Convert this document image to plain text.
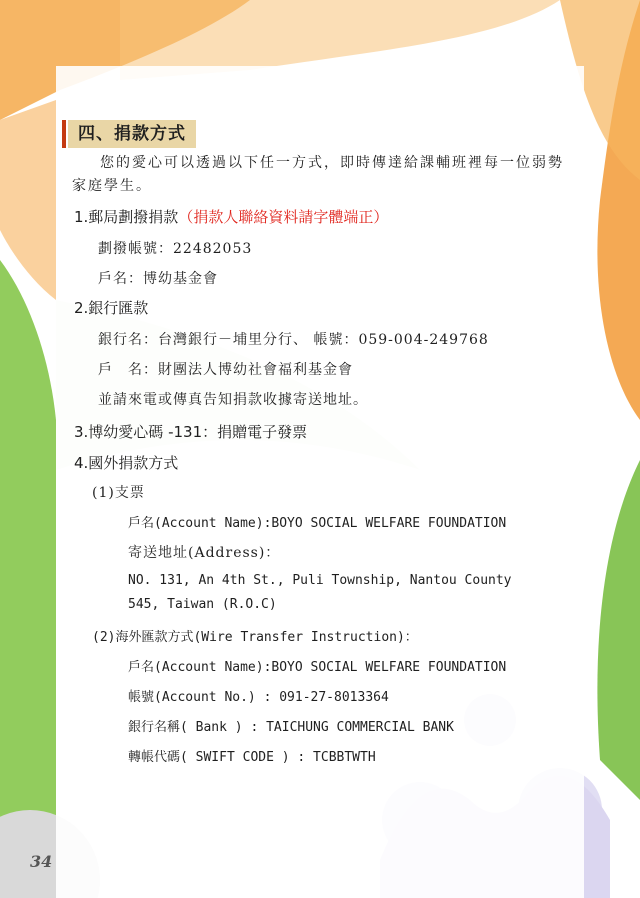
四、捐款方式
您的愛心可以透過以下任一方式，即時傳達給課輔班裡每一位弱勢家庭學生。
1.郵局劃撥捐款（捐款人聯絡資料請字體端正）
劃撥帳號：22482053
戶名：博幼基金會
2.銀行匯款
銀行名：台灣銀行－埔里分行、 帳號：059-004-249768
戶　名：財團法人博幼社會福利基金會
並請來電或傳真告知捐款收據寄送地址。
3.博幼愛心碼 -131：捐贈電子發票
4.國外捐款方式
(1)支票
戶名(Account Name):BOYO SOCIAL WELFARE FOUNDATION
寄送地址(Address)：
NO. 131, An 4th St., Puli Township, Nantou County
545, Taiwan (R.O.C)
(2)海外匯款方式(Wire Transfer Instruction)：
戶名(Account Name):BOYO SOCIAL WELFARE FOUNDATION
帳號(Account No.) : 091-27-8013364
銀行名稱( Bank ) : TAICHUNG COMMERCIAL BANK
轉帳代碼( SWIFT CODE ) : TCBBTWTH
34
